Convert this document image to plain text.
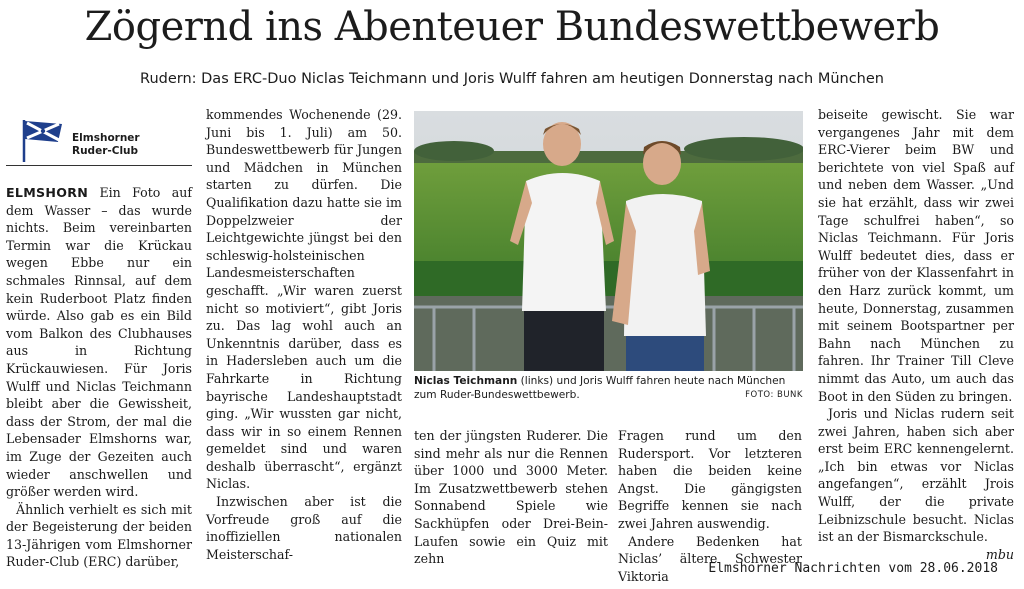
Zögernd ins Abenteuer Bundeswettbewerb
Rudern: Das ERC-Duo Niclas Teichmann und Joris Wulff fahren am heutigen Donnerstag nach München
Elmshorner
Ruder-Club

ELMSHORN Ein Foto auf dem Wasser – das wurde nichts. Beim vereinbarten Termin war die Krückau wegen Ebbe nur ein schmales Rinnsal, auf dem kein Ruderboot Platz finden würde. Also gab es ein Bild vom Balkon des Clubhauses aus in Richtung Krückauwiesen. Für Joris Wulff und Niclas Teichmann bleibt aber die Gewissheit, dass der Strom, der mal die Lebensader Elmshorns war, im Zuge der Gezeiten auch wieder anschwellen und größer werden wird.

Ähnlich verhielt es sich mit der Begeisterung der beiden 13-Jährigen vom Elmshorner Ruder-Club (ERC) darüber,

kommendes Wochenende (29. Juni bis 1. Juli) am 50. Bundeswettbewerb für Jungen und Mädchen in München starten zu dürfen. Die Qualifikation dazu hatte sie im Doppelzweier der Leichtgewichte jüngst bei den schleswig-holsteinischen Landesmeisterschaften geschafft. „Wir waren zuerst nicht so motiviert“, gibt Joris zu. Das lag wohl auch an Unkenntnis darüber, dass es in Hadersleben auch um die Fahrkarte in Richtung bayrische Landeshauptstadt ging. „Wir wussten gar nicht, dass wir in so einem Rennen gemeldet sind und waren deshalb überrascht“, ergänzt Niclas.

Inzwischen aber ist die Vorfreude groß auf die inoffiziellen nationalen Meisterschaf-

Niclas Teichmann (links) und Joris Wulff fahren heute nach München zum Ruder-Bundeswettbewerb.	FOTO: BUNK

ten der jüngsten Ruderer. Die sind mehr als nur die Rennen über 1000 und 3000 Meter. Im Zusatzwettbewerb stehen Sonnabend Spiele wie Sackhüpfen oder Drei-Bein-Laufen sowie ein Quiz mit zehn

Fragen rund um den Rudersport. Vor letzteren haben die beiden keine Angst. Die gängigsten Begriffe kennen sie nach zwei Jahren auswendig.

Andere Bedenken hat Niclas’ ältere Schwester Viktoria

beiseite gewischt. Sie war vergangenes Jahr mit dem ERC-Vierer beim BW und berichtete von viel Spaß auf und neben dem Wasser. „Und sie hat erzählt, dass wir zwei Tage schulfrei haben“, so Niclas Teichmann. Für Joris Wulff bedeutet dies, dass er früher von der Klassenfahrt in den Harz zurück kommt, um heute, Donnerstag, zusammen mit seinem Bootspartner per Bahn nach München zu fahren. Ihr Trainer Till Cleve nimmt das Auto, um auch das Boot in den Süden zu bringen.

Joris und Niclas rudern seit zwei Jahren, haben sich aber erst beim ERC kennengelernt. „Ich bin etwas vor Niclas angefangen“, erzählt Jrois Wulff, der die private Leibnizschule besucht. Niclas ist an der Bismarckschule.
mbu

Elmshorner Nachrichten vom 28.06.2018
